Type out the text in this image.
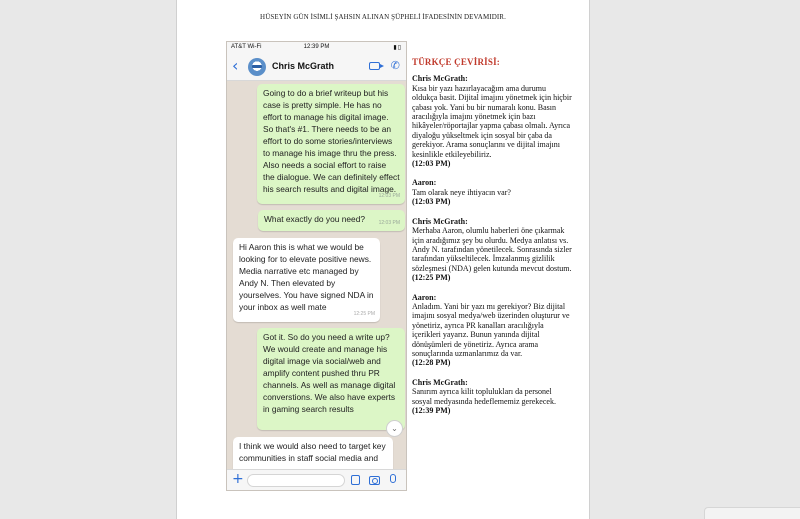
HÜSEYİN GÜN İSİMLİ ŞAHSIN ALINAN ŞÜPHELİ İFADESİNİN DEVAMIDIR.
AT&T Wi-Fi	12:39 PM	▮▯
‹	Chris McGrath	✆
Going to do a brief writeup but his case is pretty simple. He has no effort to manage his digital image. So that's #1. There needs to be an effort to do some stories/interviews to manage his image thru the press. Also needs a social effort to raise the dialogue. We can definitely effect his search results and digital image.
12:03 PM
What exactly do you need?	12:03 PM
Hi Aaron this is what we would be looking for to elevate positive news. Media narrative etc managed by Andy N. Then elevated by yourselves. You have signed NDA in your inbox as well mate
12:25 PM
Got it. So do you need a write up? We would create and manage his digital image via social/web and amplify content pushed thru PR channels. As well as manage digital converstions. We also have experts in gaming search results
I think we would also need to target key communities in staff social media and
⌄
+
TÜRKÇE ÇEVİRİSİ:
Chris McGrath:
Kısa bir yazı hazırlayacağım ama durumu oldukça basit. Dijital imajını yönetmek için hiçbir çabası yok. Yani bu bir numaralı konu. Basın aracılığıyla imajını yönetmek için bazı hikâyeler/röportajlar yapma çabası olmalı. Ayrıca diyaloğu yükseltmek için sosyal bir çaba da gerekiyor. Arama sonuçlarını ve dijital imajını kesinlikle etkileyebiliriz.
(12:03 PM)
Aaron:
Tam olarak neye ihtiyacın var?
(12:03 PM)
Chris McGrath:
Merhaba Aaron, olumlu haberleri öne çıkarmak için aradığımız şey bu olurdu. Medya anlatısı vs. Andy N. tarafından yönetilecek. Sonrasında sizler tarafından yükseltilecek. İmzalanmış gizlilik sözleşmesi (NDA) gelen kutunda mevcut dostum.
(12:25 PM)
Aaron:
Anladım. Yani bir yazı mı gerekiyor? Biz dijital imajını sosyal medya/web üzerinden oluşturur ve yönetiriz, ayrıca PR kanalları aracılığıyla içerikleri yayarız. Bunun yanında dijital dönüşümleri de yönetiriz. Ayrıca arama sonuçlarında uzmanlarımız da var.
(12:28 PM)
Chris McGrath:
Sanırım ayrıca kilit toplulukları da personel sosyal medyasında hedeflememiz gerekecek.
(12:39 PM)
